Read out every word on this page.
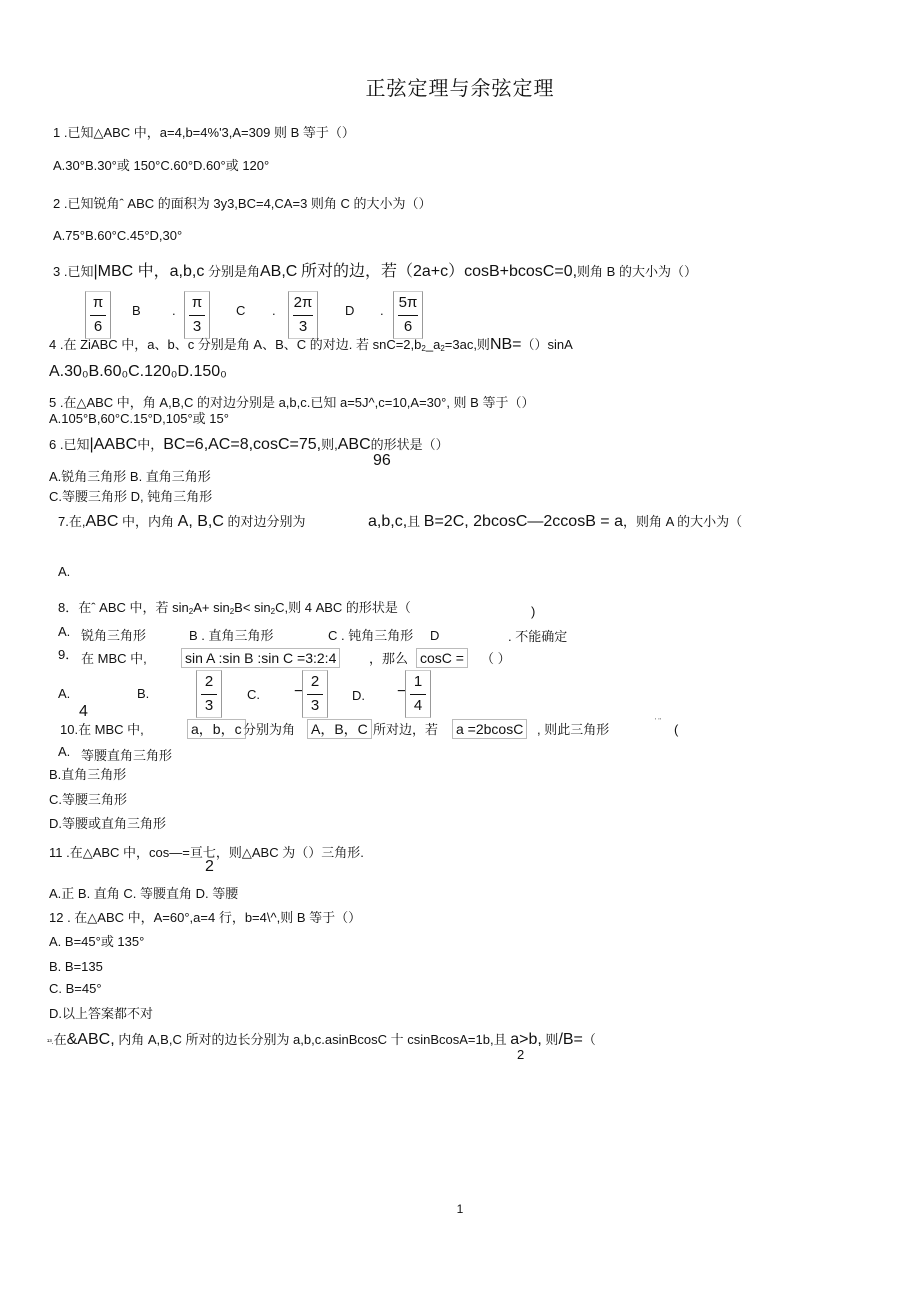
正弦定理与余弦定理
1 .已知△ABC 中，a=4,b=4%'3,A=309 则 B 等于（）
A.30°B.30°或 150°C.60°D.60°或 120°
2 .已知锐角ˆ ABC 的面积为 3y3,BC=4,CA=3 则角 C 的大小为（）
A.75°B.60°C.45°D,30°
3 .已知|MBC 中，a,b,c 分别是角AB,C 所对的边，若（2a+c）cosB+bcosC=0,则角 B 的大小为（）
π
6
B .	π
3
C .	2π
3
D .	5π
6
4 .在 ZiABC 中，a、b、c 分别是角 A、B、C 的对边. 若 $snC=2,b_2\_a_2=3ac$,则NB=（）sinA
A.30₀B.60₀C.120₀D.150₀
5 .在△ABC 中，角 A,B,C 的对边分别是 a,b,c.已知 a=5J^,c=10,A=30°, 则 B 等于（）
A.105°B,60°C.15°D,105°或 15°
6 .已知|AABC中，BC=6,AC=8,cosC=75,则,ABC的形状是（）
96
A.锐角三角形 B. 直角三角形
C.等腰三角形 D, 钝角三角形
7.在,ABC 中，内角 A, B,C 的对边分别为	a,b,c,且 B=2C, 2bcosC—2ccosB = a，则角 A 的大小为（
A.
8．在ˆ ABC 中，若 $\sin_2A+ \sin_2B< \sin_2C$,则 4 ABC 的形状是（	)
A. 锐角三角形	B . 直角三角形	C . 钝角三角形 D	. 不能确定
9． 在 MBC 中,	sin A :sin B :sin C =3:2:4	，那么 cosC =	（ ）
A.
4
B.
2
3
C. −
2
3
D. −
1
4
10.在 MBC 中,	a，b，c 分别为角 A，B，C 所对边，若 a =2bcosC	, 则此三角形
' ''
(
A. 等腰直角三角形
B.直角三角形
C.等腰三角形
D.等腰或直角三角形
11 .在△ABC 中，cos—=亘七，则△ABC 为（）三角形.
2
A.正 B. 直角 C. 等腰直角 D. 等腰
12 . 在△ABC 中，A=60°,a=4 行，b=4\^,则 B 等于（）
A. B=45°或 135°
B. B=135
C. B=45°
D.以上答案都不对
¹³.在&ABC, 内角 A,B,C 所对的边长分别为 a,b,c.asinBcosC 十 csinBcosA=1b,且 a>b, 则/B=（
2
1
